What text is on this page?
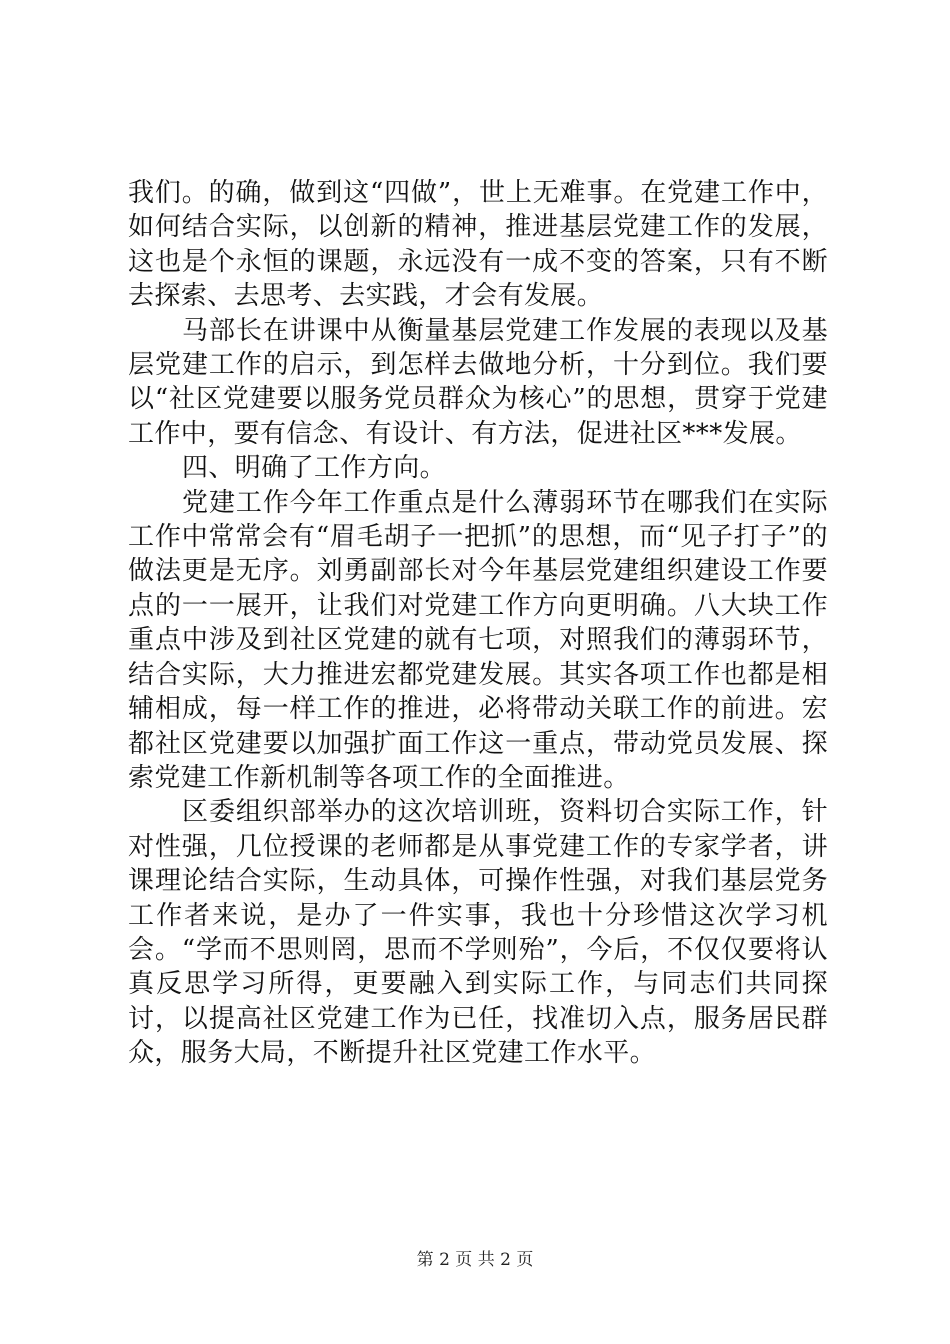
我们。的确，做到这“四做”，世上无难事。在党建工作中，如何结合实际，以创新的精神，推进基层党建工作的发展，这也是个永恒的课题，永远没有一成不变的答案，只有不断去探索、去思考、去实践，才会有发展。

马部长在讲课中从衡量基层党建工作发展的表现以及基层党建工作的启示，到怎样去做地分析，十分到位。我们要以“社区党建要以服务党员群众为核心”的思想，贯穿于党建工作中，要有信念、有设计、有方法，促进社区***发展。

四、明确了工作方向。

党建工作今年工作重点是什么薄弱环节在哪我们在实际工作中常常会有“眉毛胡子一把抓”的思想，而“见子打子”的做法更是无序。刘勇副部长对今年基层党建组织建设工作要点的一一展开，让我们对党建工作方向更明确。八大块工作重点中涉及到社区党建的就有七项，对照我们的薄弱环节，结合实际，大力推进宏都党建发展。其实各项工作也都是相辅相成，每一样工作的推进，必将带动关联工作的前进。宏都社区党建要以加强扩面工作这一重点，带动党员发展、探索党建工作新机制等各项工作的全面推进。

区委组织部举办的这次培训班，资料切合实际工作，针对性强，几位授课的老师都是从事党建工作的专家学者，讲课理论结合实际，生动具体，可操作性强，对我们基层党务工作者来说，是办了一件实事，我也十分珍惜这次学习机会。“学而不思则罔，思而不学则殆”，今后，不仅仅要将认真反思学习所得，更要融入到实际工作，与同志们共同探讨，以提高社区党建工作为已任，找准切入点，服务居民群众，服务大局，不断提升社区党建工作水平。

第 2 页 共 2 页
